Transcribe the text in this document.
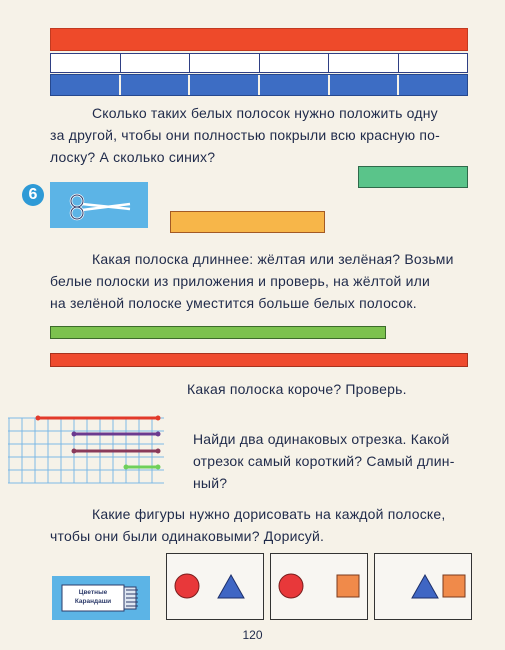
Сколько таких белых полосок нужно положить одну
за другой, чтобы они полностью покрыли всю красную по-
лоску? А сколько синих?
6
Какая полоска длиннее: жёлтая или зелёная? Возьми
белые полоски из приложения и проверь, на жёлтой или
на зелёной полоске уместится больше белых полосок.
Какая полоска короче? Проверь.
Найди два одинаковых отрезка. Какой
отрезок самый короткий? Самый длин-
ный?
Какие фигуры нужно дорисовать на каждой полоске,
чтобы они были одинаковыми? Дорисуй.
Цветные
Карандаши
120
